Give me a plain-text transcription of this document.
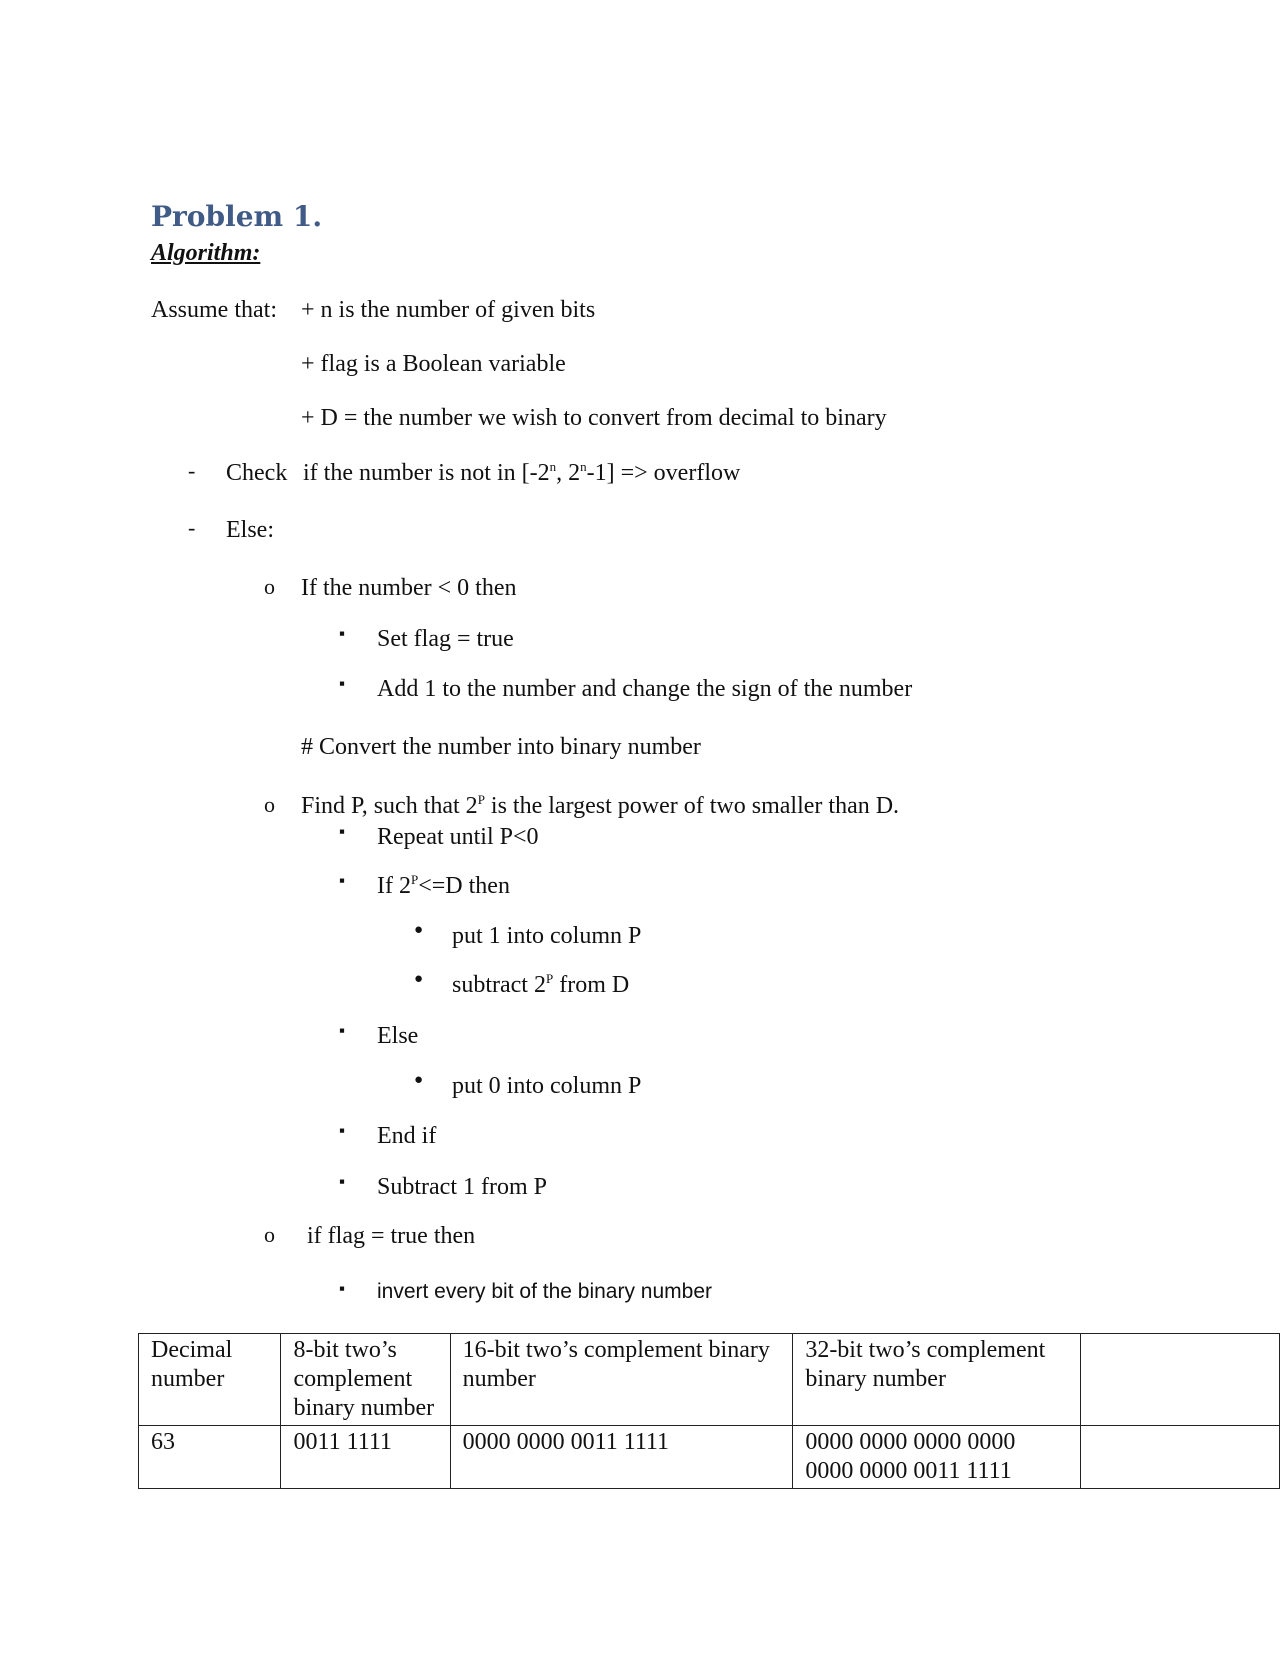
Problem 1.
Algorithm:
Assume that: + n is the number of given bits
+ flag is a Boolean variable
+ D = the number we wish to convert from decimal to binary
- Check if the number is not in [-2$^n$, $2^n-1$] => overflow
- Else:
o If the number < 0 then
▪ Set flag = true
▪ Add 1 to the number and change the sign of the number
# Convert the number into binary number
o Find P, such that $2^P$ is the largest power of two smaller than D.
▪ Repeat until P<0
▪ If $2^P<=D$ then
● put 1 into column P
● subtract $2^P$ from D
▪ Else
● put 0 into column P
▪ End if
▪ Subtract 1 from P
o if flag = true then
▪ invert every bit of the binary number
Decimal number	8-bit two’s complement binary number	16-bit two’s complement binary number	32-bit two’s complement binary number	
63	0011 1111	0000 0000 0011 1111	0000 0000 0000 0000 0000 0000 0011 1111	
